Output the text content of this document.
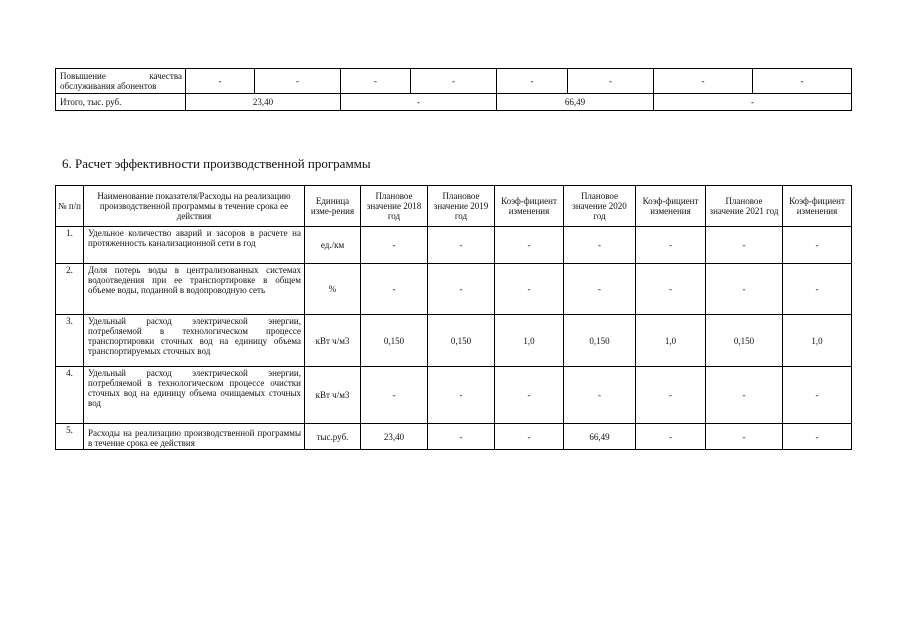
Повышение качества
обслуживания абонентов	-	-	-	-	-	-	-	-
Итого, тыс. руб.	23,40		-		66,49		-	
6. Расчет эффективности производственной программы
№ п/п	Наименование показателя/Расходы на реализацию производственной программы в течение срока ее действия	Единица изме-рения	Плановое значение 2018 год	Плановое значение 2019 год	Коэф-фициент изменения	Плановое значение 2020 год	Коэф-фициент изменения	Плановое значение 2021 год	Коэф-фициент изменения
1.	Удельное количество аварий и засоров в расчете на протяженность канализационной сети в год	ед./км	-	-	-	-	-	-	-
2.	Доля потерь воды в централизованных системах водоотведения при ее транспортировке в общем объеме воды, поданной в водопроводную сеть	%	-	-	-	-	-	-	-
3.	Удельный расход электрической энергии, потребляемой в технологическом процессе транспортировки сточных вод на единицу объема транспортируемых сточных вод	кВт ч/м3	0,150	0,150	1,0	0,150	1,0	0,150	1,0
4.	Удельный расход электрической энергии, потребляемой в технологическом процессе очистки сточных вод на единицу объема очищаемых сточных вод	кВт ч/м3	-	-	-	-	-	-	-
5.	Расходы на реализацию производственной программы в течение срока ее действия	тыс.руб.	23,40	-	-	66,49	-	-	-
